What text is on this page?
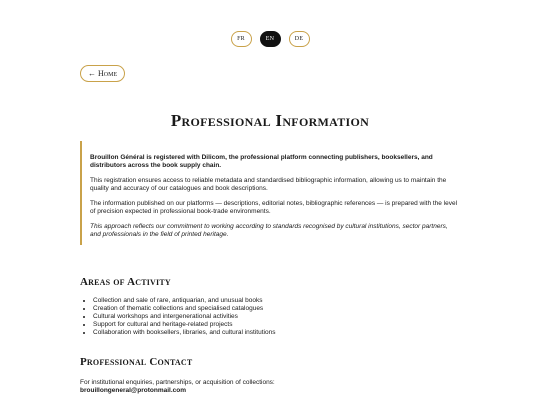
FR	EN	DE
← Home
Professional Information

Brouillon Général is registered with Dilicom, the professional platform connecting publishers, booksellers, and distributors across the book supply chain.

This registration ensures access to reliable metadata and standardised bibliographic information, allowing us to maintain the quality and accuracy of our catalogues and book descriptions.

The information published on our platforms — descriptions, editorial notes, bibliographic references — is prepared with the level of precision expected in professional book-trade environments.

This approach reflects our commitment to working according to standards recognised by cultural institutions, sector partners, and professionals in the field of printed heritage.

Areas of Activity
• Collection and sale of rare, antiquarian, and unusual books
• Creation of thematic collections and specialised catalogues
• Cultural workshops and intergenerational activities
• Support for cultural and heritage-related projects
• Collaboration with booksellers, libraries, and cultural institutions
Professional Contact
For institutional enquiries, partnerships, or acquisition of collections:
brouillongeneral@protonmail.com
